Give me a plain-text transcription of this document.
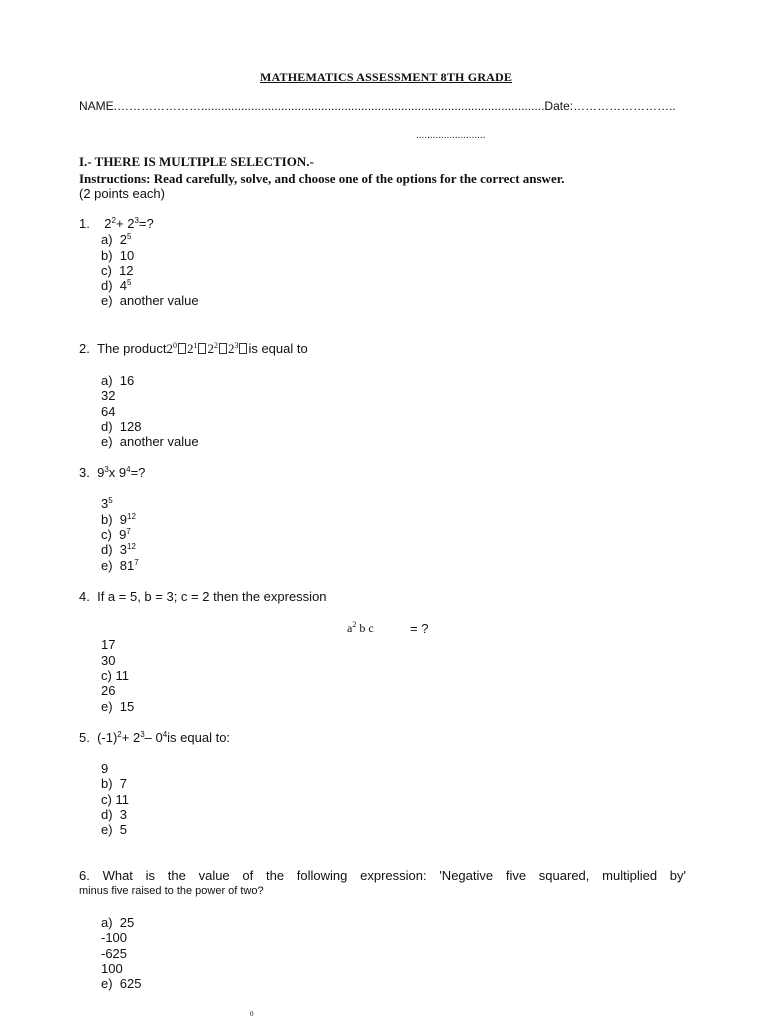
MATHEMATICS ASSESSMENT 8TH GRADE
NAME.………………….......................................................................................................Date:……………………..
.........................
I.- THERE IS MULTIPLE SELECTION.-
Instructions: Read carefully, solve, and choose one of the options for the correct answer.
(2 points each)
1. $2^2+ 2^3=$?
a) $2^5$
b) 10
c) 12
d) $4^5$
e) another value
2. The $product2^0$ $2^1$ $2^2$ $2^3$ is equal to
a) 16
32
64
d) 128
e) another value
3. $9^3x$ $9^4=$?
$3^5$
b) $9^{12}$
c) $9^7$
d) $3^{12}$
e) $81^7$
4. If a = 5, b = 3; c = 2 then the expression
$a^2$ b c	= ?
17
30
c) 11
26
e) 15
5. $(-1)^2+ 2^3-$ $0^4is$ equal to:
9
b) 7
c) 11
d) 3
e) 5
6. What is the value of the following expression: 'Negative five squared, multiplied by'
minus five raised to the power of two?
a) 25
-100
-625
100
e) 625
0
